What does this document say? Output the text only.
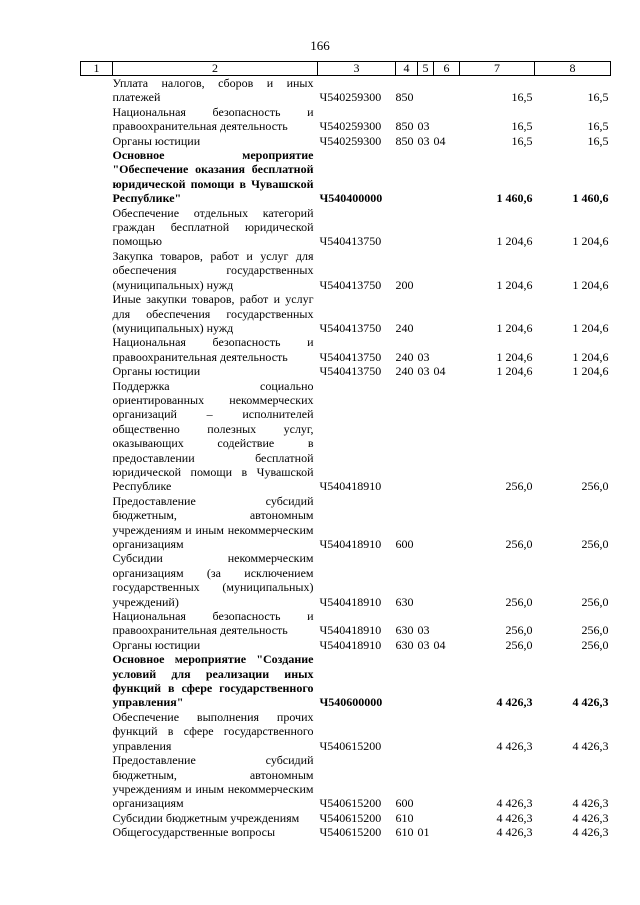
166
1	2	3	4	5	6	7	8
	Уплата налогов, сборов и иных платежей	Ч540259300	850			16,5	16,5
	Национальная безопасность и правоохранительная деятельность	Ч540259300	850	03		16,5	16,5
	Органы юстиции	Ч540259300	850	03	04	16,5	16,5
	Основное мероприятие "Обеспечение оказания бесплатной юридической помощи в Чувашской Республике"	Ч540400000				1 460,6	1 460,6
	Обеспечение отдельных категорий граждан бесплатной юридической помощью	Ч540413750				1 204,6	1 204,6
	Закупка товаров, работ и услуг для обеспечения государственных (муниципальных) нужд	Ч540413750	200			1 204,6	1 204,6
	Иные закупки товаров, работ и услуг для обеспечения государственных (муниципальных) нужд	Ч540413750	240			1 204,6	1 204,6
	Национальная безопасность и правоохранительная деятельность	Ч540413750	240	03		1 204,6	1 204,6
	Органы юстиции	Ч540413750	240	03	04	1 204,6	1 204,6
	Поддержка социально ориентированных некоммерческих организаций – исполнителей общественно полезных услуг, оказывающих содействие в предоставлении бесплатной юридической помощи в Чувашской Республике	Ч540418910				256,0	256,0
	Предоставление субсидий бюджетным, автономным учреждениям и иным некоммерческим организациям	Ч540418910	600			256,0	256,0
	Субсидии некоммерческим организациям (за исключением государственных (муниципальных) учреждений)	Ч540418910	630			256,0	256,0
	Национальная безопасность и правоохранительная деятельность	Ч540418910	630	03		256,0	256,0
	Органы юстиции	Ч540418910	630	03	04	256,0	256,0
	Основное мероприятие "Создание условий для реализации иных функций в сфере государственного управления"	Ч540600000				4 426,3	4 426,3
	Обеспечение выполнения прочих функций в сфере государственного управления	Ч540615200				4 426,3	4 426,3
	Предоставление субсидий бюджетным, автономным учреждениям и иным некоммерческим организациям	Ч540615200	600			4 426,3	4 426,3
	Субсидии бюджетным учреждениям	Ч540615200	610			4 426,3	4 426,3
	Общегосударственные вопросы	Ч540615200	610	01		4 426,3	4 426,3
